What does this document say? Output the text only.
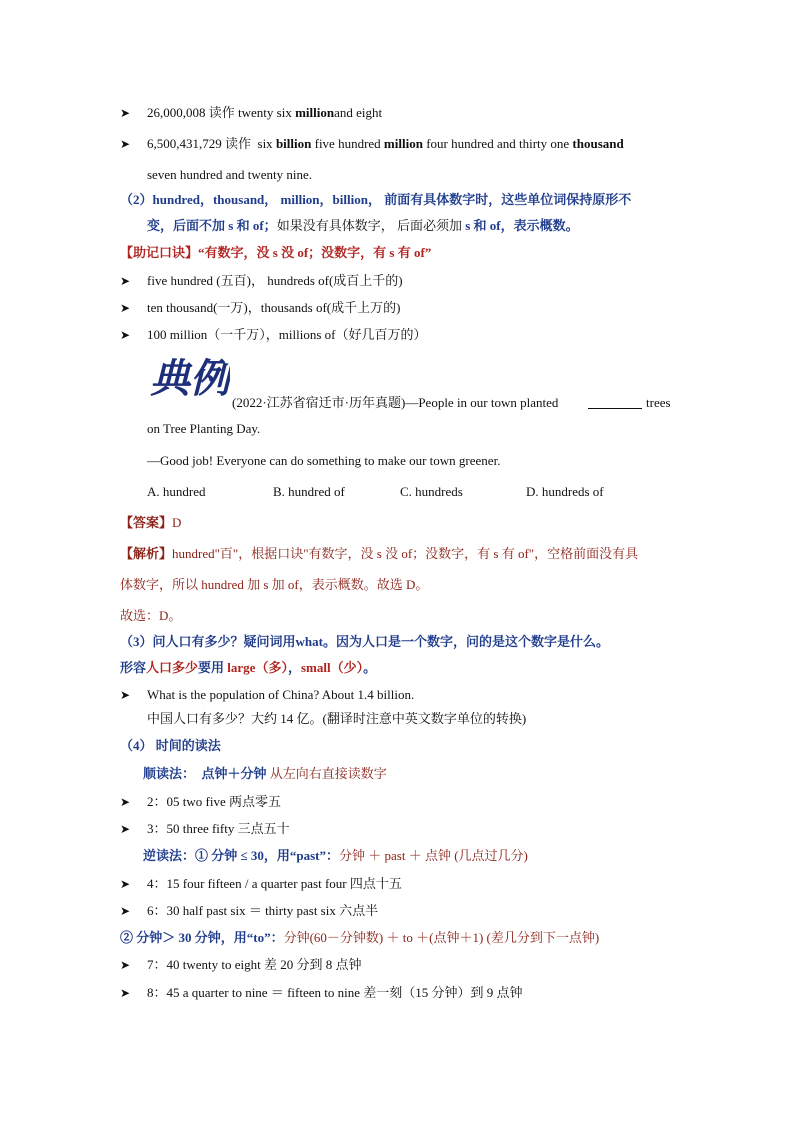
➤ 26,000,008 读作 twenty six millionand eight
➤ 6,500,431,729 读作 six billion five hundred million four hundred and thirty one thousand
seven hundred and twenty nine.
（2）hundred，thousand， million，billion， 前面有具体数字时，这些单位词保持原形不
变，后面不加 s 和 of；如果没有具体数字， 后面必须加 s 和 of，表示概数。
【助记口诀】“有数字，没 s 没 of；没数字，有 s 有 of”
➤ five hundred (五百)， hundreds of(成百上千的)
➤ ten thousand(一万)，thousands of(成千上万的)
➤ 100 million（一千万），millions of（好几百万的）
典例
(2022·江苏省宿迁市·历年真题)—People in our town planted	trees
on Tree Planting Day.
—Good job! Everyone can do something to make our town greener.
A. hundred	B. hundred of	C. hundreds	D. hundreds of
【答案】D
【解析】hundred"百"，根据口诀"有数字，没 s 没 of；没数字，有 s 有 of"，空格前面没有具
体数字，所以 hundred 加 s 加 of，表示概数。故选 D。
故选：D。
（3）问人口有多少？疑问词用what。因为人口是一个数字，问的是这个数字是什么。
形容人口多少要用 large（多），small（少）。
➤ What is the population of China? About 1.4 billion.
中国人口有多少？大约 14 亿。(翻译时注意中英文数字单位的转换)
（4） 时间的读法
顺读法： 点钟＋分钟 从左向右直接读数字
➤ 2：05 two five 两点零五
➤ 3：50 three fifty 三点五十
逆读法：① 分钟 ≤ 30，用“past”：分钟 ＋ past ＋ 点钟 (几点过几分)
➤ 4：15 four fifteen / a quarter past four 四点十五
➤ 6：30 half past six ＝ thirty past six 六点半
② 分钟＞ 30 分钟，用“to”：分钟(60－分钟数) ＋ to ＋(点钟＋1) (差几分到下一点钟)
➤ 7：40 twenty to eight 差 20 分到 8 点钟
➤ 8：45 a quarter to nine ＝ fifteen to nine 差一刻（15 分钟）到 9 点钟
